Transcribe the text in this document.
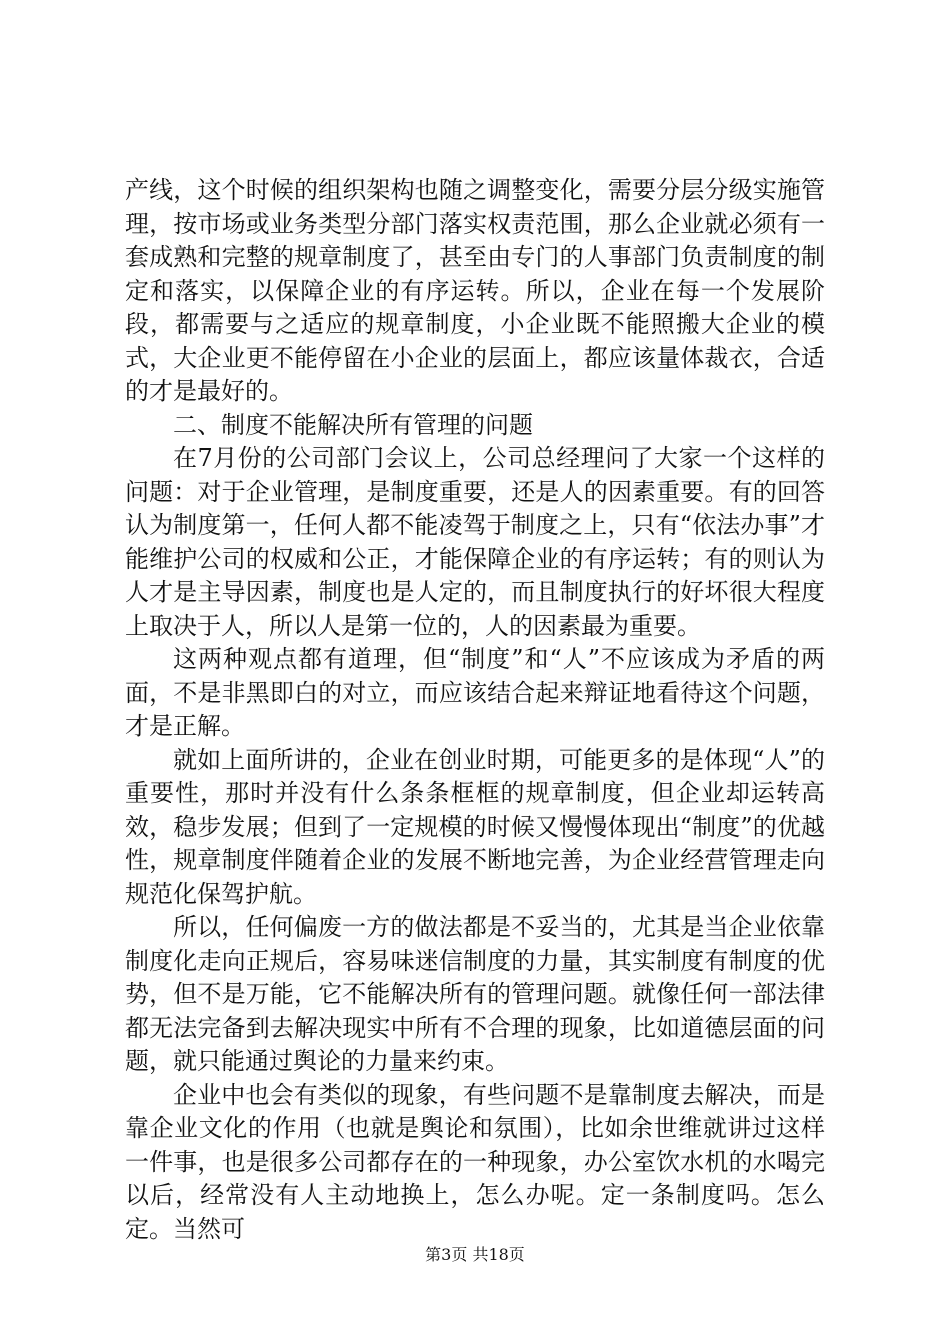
产线，这个时候的组织架构也随之调整变化，需要分层分级实施管理，按市场或业务类型分部门落实权责范围，那么企业就必须有一套成熟和完整的规章制度了，甚至由专门的人事部门负责制度的制定和落实，以保障企业的有序运转。所以，企业在每一个发展阶段，都需要与之适应的规章制度，小企业既不能照搬大企业的模式，大企业更不能停留在小企业的层面上，都应该量体裁衣，合适的才是最好的。

二、制度不能解决所有管理的问题

在7月份的公司部门会议上，公司总经理问了大家一个这样的问题：对于企业管理，是制度重要，还是人的因素重要。有的回答认为制度第一，任何人都不能凌驾于制度之上，只有“依法办事”才能维护公司的权威和公正，才能保障企业的有序运转；有的则认为人才是主导因素，制度也是人定的，而且制度执行的好坏很大程度上取决于人，所以人是第一位的，人的因素最为重要。

这两种观点都有道理，但“制度”和“人”不应该成为矛盾的两面，不是非黑即白的对立，而应该结合起来辩证地看待这个问题，才是正解。

就如上面所讲的，企业在创业时期，可能更多的是体现“人”的重要性，那时并没有什么条条框框的规章制度，但企业却运转高效，稳步发展；但到了一定规模的时候又慢慢体现出“制度”的优越性，规章制度伴随着企业的发展不断地完善，为企业经营管理走向规范化保驾护航。

所以，任何偏废一方的做法都是不妥当的，尤其是当企业依靠制度化走向正规后，容易味迷信制度的力量，其实制度有制度的优势，但不是万能，它不能解决所有的管理问题。就像任何一部法律都无法完备到去解决现实中所有不合理的现象，比如道德层面的问题，就只能通过舆论的力量来约束。

企业中也会有类似的现象，有些问题不是靠制度去解决，而是靠企业文化的作用（也就是舆论和氛围），比如余世维就讲过这样一件事，也是很多公司都存在的一种现象，办公室饮水机的水喝完以后，经常没有人主动地换上，怎么办呢。定一条制度吗。怎么定。当然可

第3页 共18页
